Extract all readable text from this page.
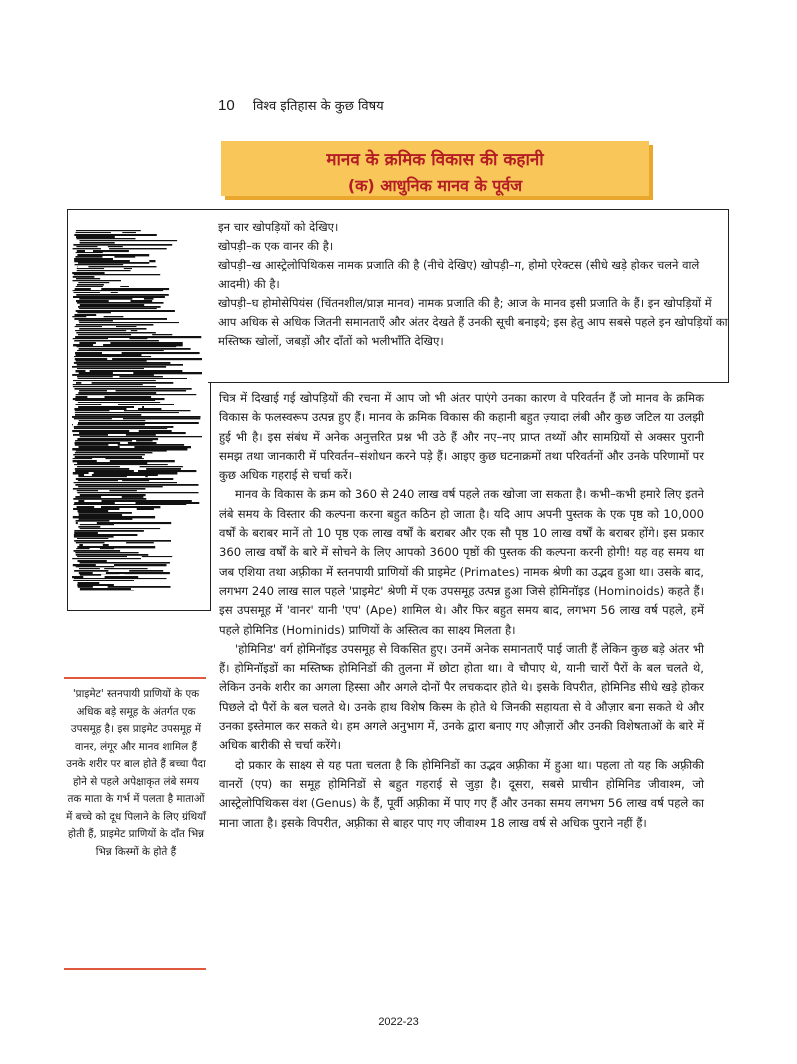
10 विश्व इतिहास के कुछ विषय
मानव के क्रमिक विकास की कहानी
(क) आधुनिक मानव के पूर्वज

इन चार खोपड़ियों को देखिए।

खोपड़ी–क एक वानर की है।

खोपड़ी–ख आस्ट्रेलोपिथिकस नामक प्रजाति की है (नीचे देखिए) खोपड़ी–ग, होमो एरेक्टस (सीधे खड़े होकर चलने वाले आदमी) की है।

खोपड़ी–घ होमोसेपियंस (चिंतनशील/प्राज्ञ मानव) नामक प्रजाति की है; आज के मानव इसी प्रजाति के हैं। इन खोपड़ियों में आप अधिक से अधिक जितनी समानताएँ और अंतर देखते हैं उनकी सूची बनाइये; इस हेतु आप सबसे पहले इन खोपड़ियों का मस्तिष्क खोलों, जबड़ों और दाँतों को भलीभाँति देखिए।

चित्र में दिखाई गई खोपड़ियों की रचना में आप जो भी अंतर पाएंगे उनका कारण वे परिवर्तन हैं जो मानव के क्रमिक विकास के फलस्वरूप उत्पन्न हुए हैं। मानव के क्रमिक विकास की कहानी बहुत ज़्यादा लंबी और कुछ जटिल या उलझी हुई भी है। इस संबंध में अनेक अनुत्तरित प्रश्न भी उठे हैं और नए–नए प्राप्त तथ्यों और सामग्रियों से अक्सर पुरानी समझ तथा जानकारी में परिवर्तन–संशोधन करने पड़े हैं। आइए कुछ घटनाक्रमों तथा परिवर्तनों और उनके परिणामों पर कुछ अधिक गहराई से चर्चा करें।

मानव के विकास के क्रम को 360 से 240 लाख वर्ष पहले तक खोजा जा सकता है। कभी–कभी हमारे लिए इतने लंबे समय के विस्तार की कल्पना करना बहुत कठिन हो जाता है। यदि आप अपनी पुस्तक के एक पृष्ठ को 10,000 वर्षों के बराबर मानें तो 10 पृष्ठ एक लाख वर्षों के बराबर और एक सौ पृष्ठ 10 लाख वर्षों के बराबर होंगे। इस प्रकार 360 लाख वर्षों के बारे में सोचने के लिए आपको 3600 पृष्ठों की पुस्तक की कल्पना करनी होगी! यह वह समय था जब एशिया तथा अफ़्रीका में स्तनपायी प्राणियों की प्राइमेट (Primates) नामक श्रेणी का उद्भव हुआ था। उसके बाद, लगभग 240 लाख साल पहले 'प्राइमेट' श्रेणी में एक उपसमूह उत्पन्न हुआ जिसे होमिनॉइड (Hominoids) कहते हैं। इस उपसमूह में 'वानर' यानी 'एप' (Ape) शामिल थे। और फिर बहुत समय बाद, लगभग 56 लाख वर्ष पहले, हमें पहले होमिनिड (Hominids) प्राणियों के अस्तित्व का साक्ष्य मिलता है।

'होमिनिड' वर्ग होमिनॉइड उपसमूह से विकसित हुए। उनमें अनेक समानताएँ पाई जाती हैं लेकिन कुछ बड़े अंतर भी हैं। होमिनॉइडों का मस्तिष्क होमिनिडों की तुलना में छोटा होता था। वे चौपाए थे, यानी चारों पैरों के बल चलते थे, लेकिन उनके शरीर का अगला हिस्सा और अगले दोनों पैर लचकदार होते थे। इसके विपरीत, होमिनिड सीधे खड़े होकर पिछले दो पैरों के बल चलते थे। उनके हाथ विशेष किस्म के होते थे जिनकी सहायता से वे औज़ार बना सकते थे और उनका इस्तेमाल कर सकते थे। हम अगले अनुभाग में, उनके द्वारा बनाए गए औज़ारों और उनकी विशेषताओं के बारे में अधिक बारीकी से चर्चा करेंगे।

दो प्रकार के साक्ष्य से यह पता चलता है कि होमिनिडों का उद्भव अफ़्रीका में हुआ था। पहला तो यह कि अफ़्रीकी वानरों (एप) का समूह होमिनिडों से बहुत गहराई से जुड़ा है। दूसरा, सबसे प्राचीन होमिनिड जीवाश्म, जो आस्ट्रेलोपिथिकस वंश (Genus) के हैं, पूर्वी अफ़्रीका में पाए गए हैं और उनका समय लगभग 56 लाख वर्ष पहले का माना जाता है। इसके विपरीत, अफ़्रीका से बाहर पाए गए जीवाश्म 18 लाख वर्ष से अधिक पुराने नहीं हैं।

'प्राइमेट' स्तनपायी प्राणियों के एक अधिक बड़े समूह के अंतर्गत एक उपसमूह है। इस प्राइमेट उपसमूह में वानर, लंगूर और मानव शामिल हैं उनके शरीर पर बाल होते हैं बच्चा पैदा होने से पहले अपेक्षाकृत लंबे समय तक माता के गर्भ में पलता है माताओं में बच्चे को दूध पिलाने के लिए ग्रंथियाँ होती हैं, प्राइमेट प्राणियों के दाँत भिन्न भिन्न किस्मों के होते हैं
2022-23
